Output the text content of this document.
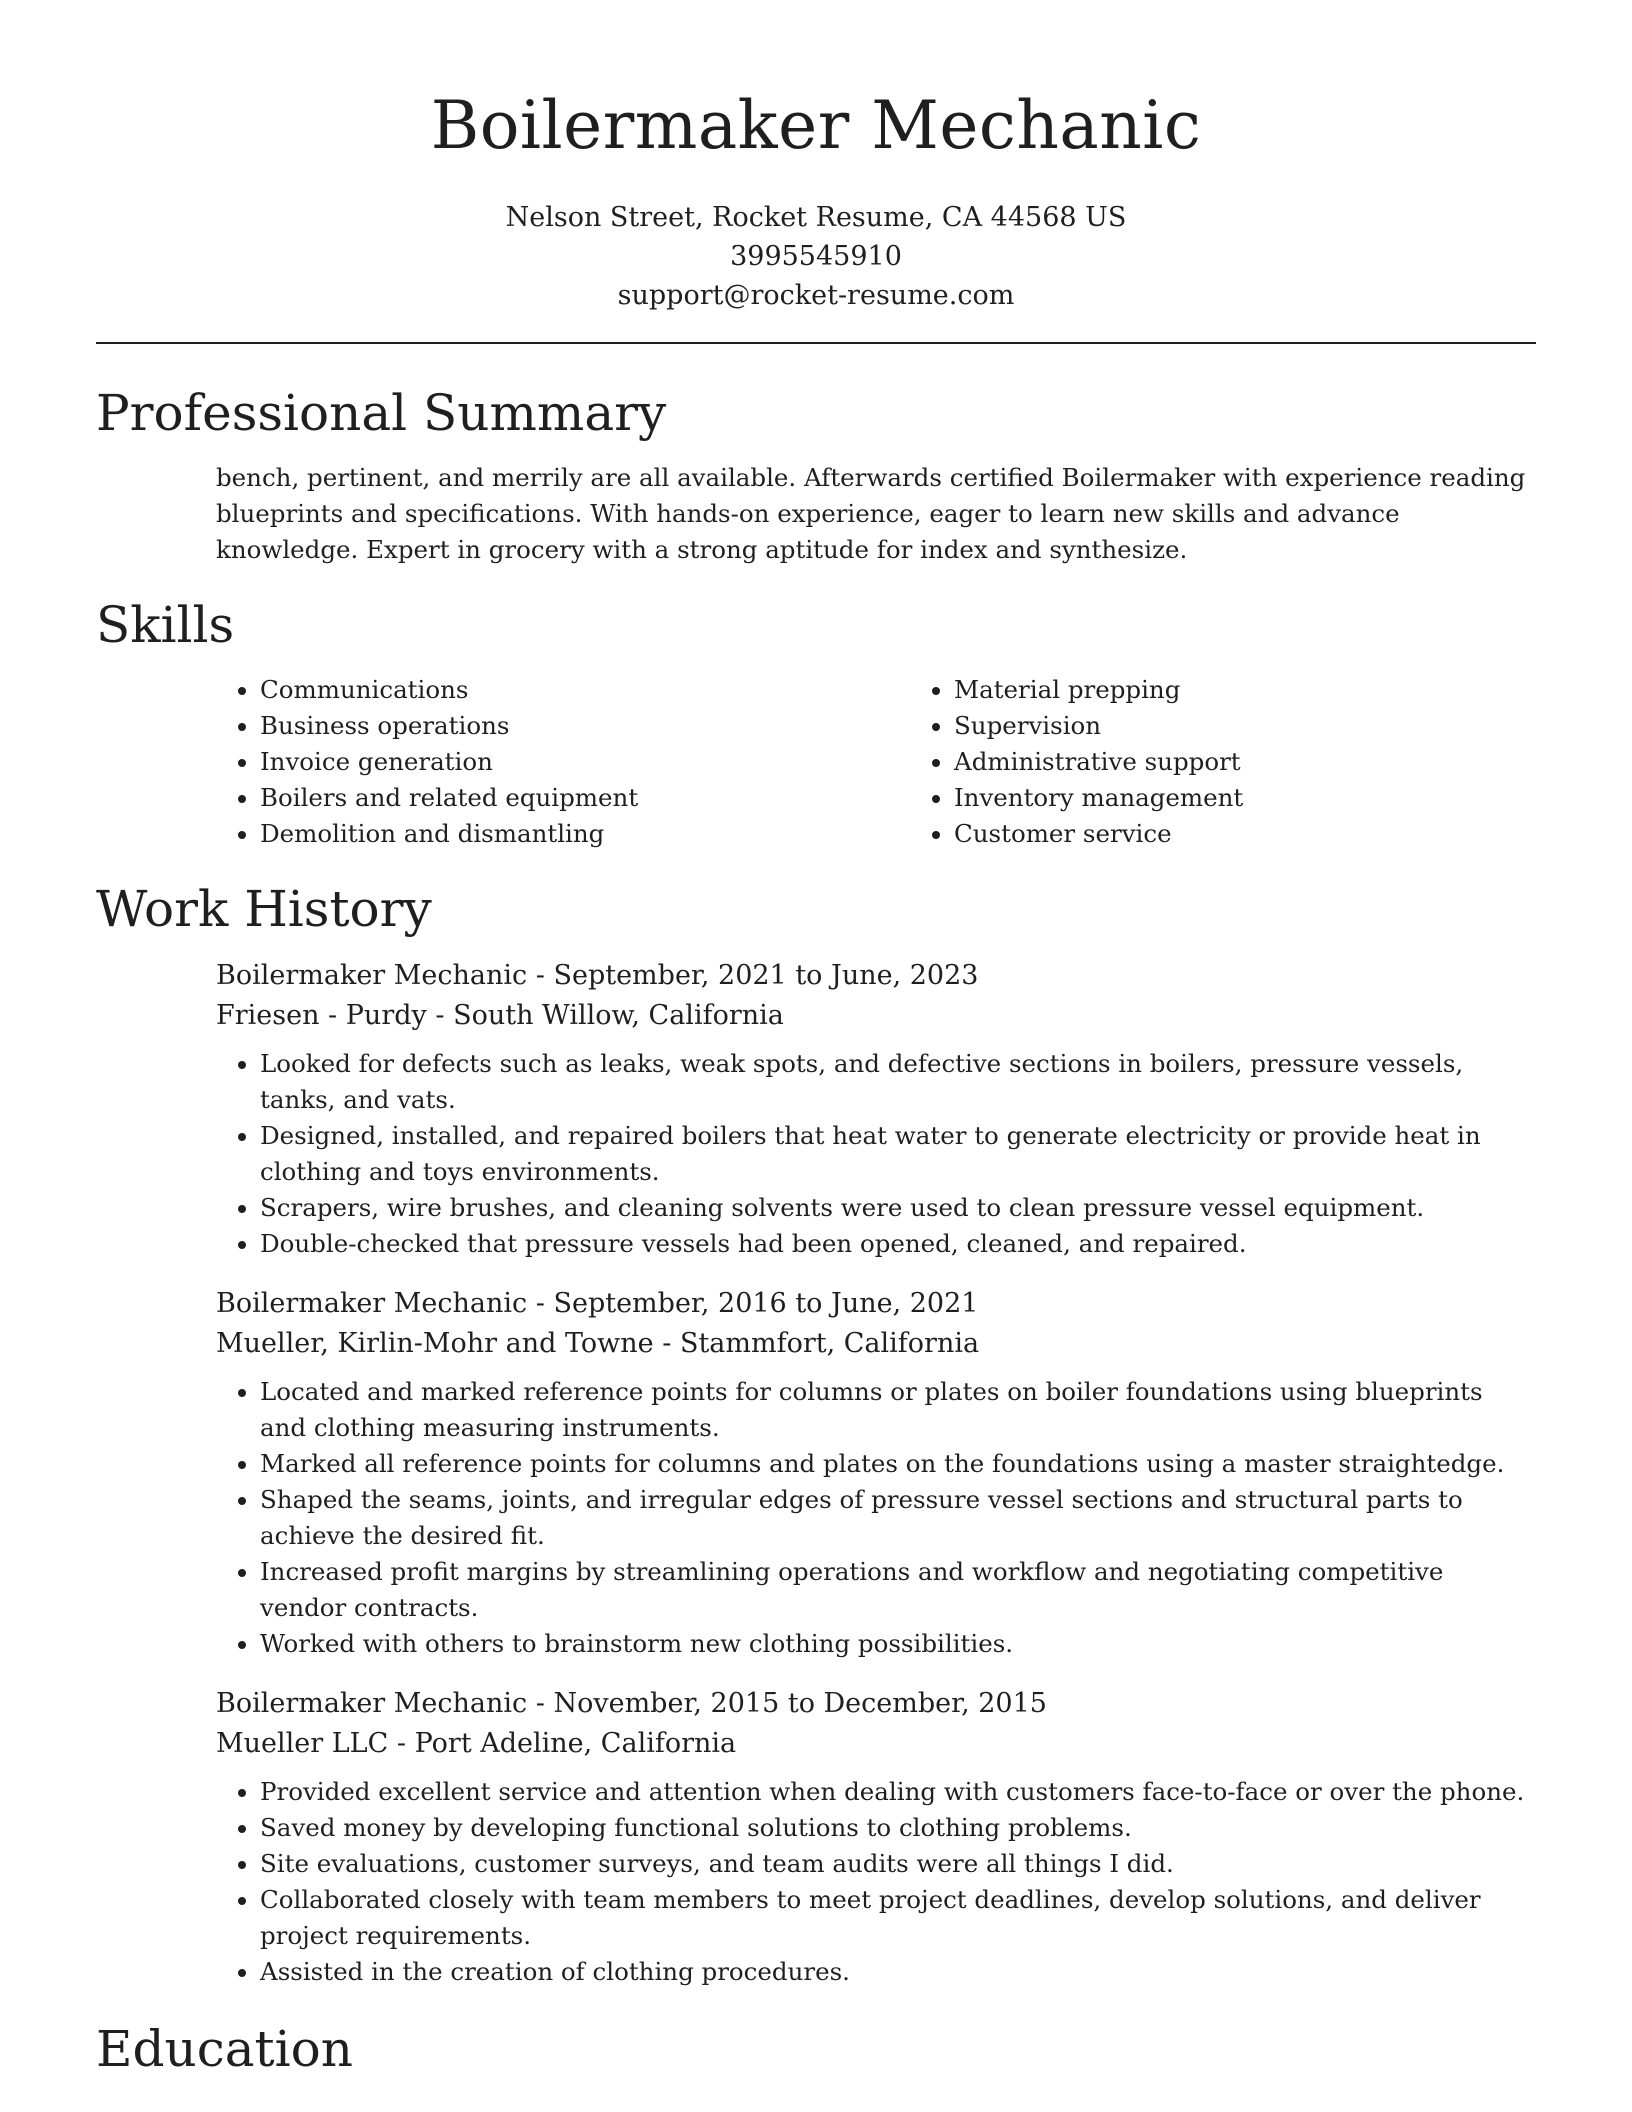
Boilermaker Mechanic
Nelson Street, Rocket Resume, CA 44568 US
3995545910
support@rocket-resume.com
Professional Summary

bench, pertinent, and merrily are all available. Afterwards certified Boilermaker with experience reading blueprints and specifications. With hands-on experience, eager to learn new skills and advance knowledge. Expert in grocery with a strong aptitude for index and synthesize.

Skills
• Communications
• Business operations
• Invoice generation
• Boilers and related equipment
• Demolition and dismantling
• Material prepping
• Supervision
• Administrative support
• Inventory management
• Customer service
Work History
Boilermaker Mechanic - September, 2021 to June, 2023
Friesen - Purdy - South Willow, California
• Looked for defects such as leaks, weak spots, and defective sections in boilers, pressure vessels, tanks, and vats.
• Designed, installed, and repaired boilers that heat water to generate electricity or provide heat in clothing and toys environments.
• Scrapers, wire brushes, and cleaning solvents were used to clean pressure vessel equipment.
• Double-checked that pressure vessels had been opened, cleaned, and repaired.
Boilermaker Mechanic - September, 2016 to June, 2021
Mueller, Kirlin-Mohr and Towne - Stammfort, California
• Located and marked reference points for columns or plates on boiler foundations using blueprints and clothing measuring instruments.
• Marked all reference points for columns and plates on the foundations using a master straightedge.
• Shaped the seams, joints, and irregular edges of pressure vessel sections and structural parts to achieve the desired fit.
• Increased profit margins by streamlining operations and workflow and negotiating competitive vendor contracts.
• Worked with others to brainstorm new clothing possibilities.
Boilermaker Mechanic - November, 2015 to December, 2015
Mueller LLC - Port Adeline, California
• Provided excellent service and attention when dealing with customers face-to-face or over the phone.
• Saved money by developing functional solutions to clothing problems.
• Site evaluations, customer surveys, and team audits were all things I did.
• Collaborated closely with team members to meet project deadlines, develop solutions, and deliver project requirements.
• Assisted in the creation of clothing procedures.
Education
